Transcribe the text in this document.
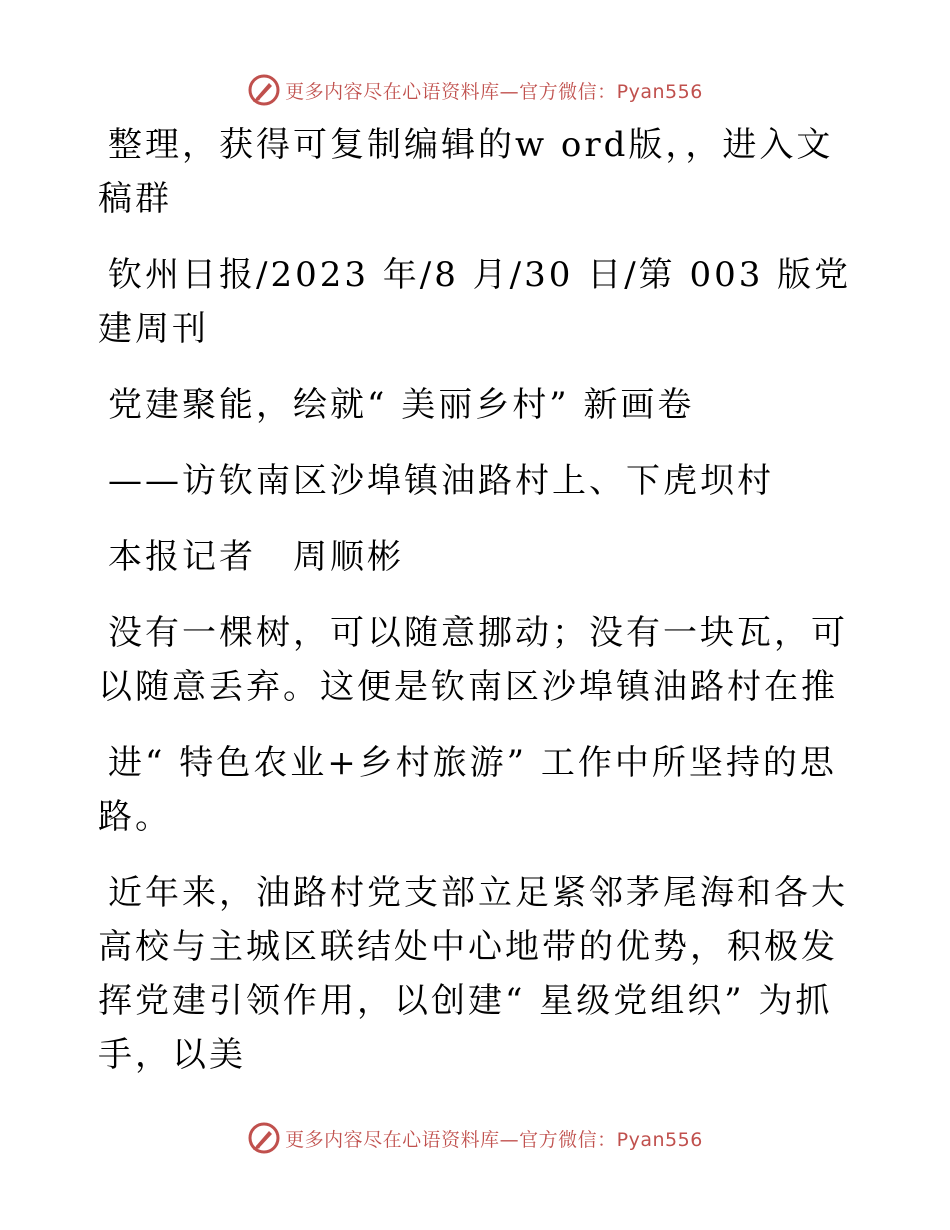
更多内容尽在心语资料库—官方微信：Pyan556

整理，获得可复制编辑的w ord版，，进入文稿群

钦州日报/2023 年/8 月/30 日/第 003 版党建周刊

党建聚能，绘就“ 美丽乡村” 新画卷

——访钦南区沙埠镇油路村上、下虎坝村

本报记者　周顺彬

没有一棵树，可以随意挪动；没有一块瓦，可以随意丢弃。这便是钦南区沙埠镇油路村在推

进“ 特色农业+乡村旅游” 工作中所坚持的思路。

近年来，油路村党支部立足紧邻茅尾海和各大高校与主城区联结处中心地带的优势，积极发挥党建引领作用，以创建“ 星级党组织” 为抓手，以美

更多内容尽在心语资料库—官方微信：Pyan556
